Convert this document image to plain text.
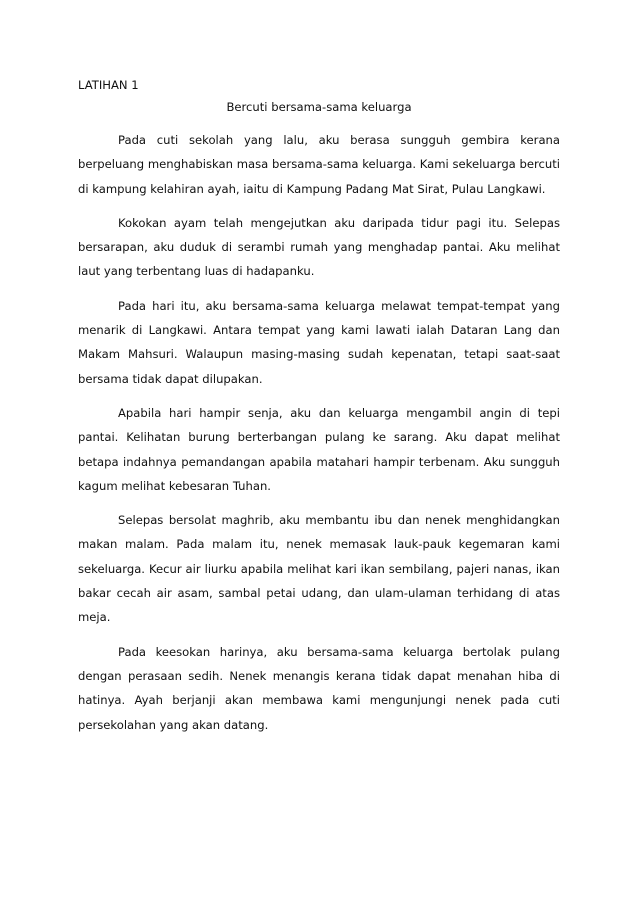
LATIHAN 1
Bercuti bersama-sama keluarga

Pada cuti sekolah yang lalu, aku berasa sungguh gembira kerana berpeluang menghabiskan masa bersama-sama keluarga. Kami sekeluarga bercuti di kampung kelahiran ayah, iaitu di Kampung Padang Mat Sirat, Pulau Langkawi.

Kokokan ayam telah mengejutkan aku daripada tidur pagi itu. Selepas bersarapan, aku duduk di serambi rumah yang menghadap pantai. Aku melihat laut yang terbentang luas di hadapanku.

Pada hari itu, aku bersama-sama keluarga melawat tempat-tempat yang menarik di Langkawi. Antara tempat yang kami lawati ialah Dataran Lang dan Makam Mahsuri. Walaupun masing-masing sudah kepenatan, tetapi saat-saat bersama tidak dapat dilupakan.

Apabila hari hampir senja, aku dan keluarga mengambil angin di tepi pantai. Kelihatan burung berterbangan pulang ke sarang. Aku dapat melihat betapa indahnya pemandangan apabila matahari hampir terbenam. Aku sungguh kagum melihat kebesaran Tuhan.

Selepas bersolat maghrib, aku membantu ibu dan nenek menghidangkan makan malam. Pada malam itu, nenek memasak lauk-pauk kegemaran kami sekeluarga. Kecur air liurku apabila melihat kari ikan sembilang, pajeri nanas, ikan bakar cecah air asam, sambal petai udang, dan ulam-ulaman terhidang di atas meja.

Pada keesokan harinya, aku bersama-sama keluarga bertolak pulang dengan perasaan sedih. Nenek menangis kerana tidak dapat menahan hiba di hatinya. Ayah berjanji akan membawa kami mengunjungi nenek pada cuti persekolahan yang akan datang.
